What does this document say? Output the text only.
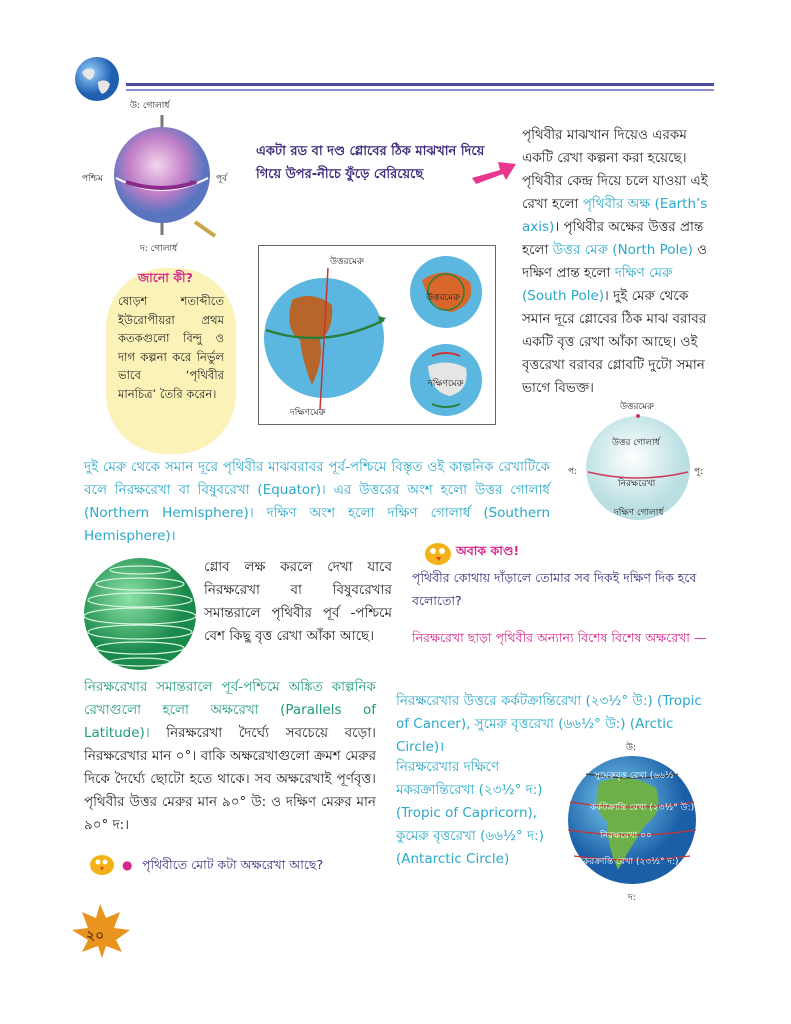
উ: গোলার্ধ
পশ্চিম	পূর্ব
দ: গোলার্ধ
একটা রড বা দণ্ড গ্লোবের ঠিক মাঝখান দিয়ে গিয়ে উপর-নীচে ফুঁড়ে বেরিয়েছে
পৃথিবীর মাঝখান দিয়েও এরকম একটি রেখা কল্পনা করা হয়েছে। পৃথিবীর কেন্দ্র দিয়ে চলে যাওয়া এই রেখা হলো পৃথিবীর অক্ষ (Earth’s axis)। পৃথিবীর অক্ষের উত্তর প্রান্ত হলো উত্তর মেরু (North Pole) ও দক্ষিণ প্রান্ত হলো দক্ষিণ মেরু (South Pole)। দুই মেরু থেকে সমান দূরে গ্লোবের ঠিক মাঝ বরাবর একটি বৃত্ত রেখা আঁকা আছে। ওই বৃত্তরেখা বরাবর গ্লোবটি দুটো সমান ভাগে বিভক্ত।
জানো কী?
ষোড়শ শতাব্দীতে ইউরোপীয়রা প্রথম কতকগুলো বিন্দু ও দাগ কল্পনা করে নির্ভুল ভাবে ‘পৃথিবীর মানচিত্র’ তৈরি করেন।
উত্তরমেরু
দক্ষিণমেরু
উত্তরমেরু
দক্ষিণমেরু
উত্তরমেরু
উত্তর গোলার্ধ
নিরক্ষরেখা
দক্ষিণ গোলার্ধ
প:	পূ:
দুই মেরু থেকে সমান দূরে পৃথিবীর মাঝবরাবর পূর্ব-পশ্চিমে বিস্তৃত ওই কাল্পনিক রেখাটিকে বলে নিরক্ষরেখা বা বিষুবরেখা (Equator)। এর উত্তরের অংশ হলো উত্তর গোলার্ধ (Northern Hemisphere)। দক্ষিণ অংশ হলো দক্ষিণ গোলার্ধ (Southern Hemisphere)।
গ্লোব লক্ষ করলে দেখা যাবে নিরক্ষরেখা বা বিষুবরেখার সমান্তরালে পৃথিবীর পূর্ব -পশ্চিমে বেশ কিছু বৃত্ত রেখা আঁকা আছে।
নিরক্ষরেখার সমান্তরালে পূর্ব-পশ্চিমে অঙ্কিত কাল্পনিক রেখাগুলো হলো অক্ষরেখা (Parallels of Latitude)। নিরক্ষরেখা দৈর্ঘ্যে সবচেয়ে বড়ো। নিরক্ষরেখার মান ০°। বাকি অক্ষরেখাগুলো ক্রমশ মেরুর দিকে দৈর্ঘ্যে ছোটো হতে থাকে। সব অক্ষরেখাই পূর্ণবৃত্ত। পৃথিবীর উত্তর মেরুর মান ৯০° উ: ও দক্ষিণ মেরুর মান ৯০° দ:।
● পৃথিবীতে মোট কটা অক্ষরেখা আছে?
অবাক কাণ্ড!
পৃথিবীর কোথায় দাঁড়ালে তোমার সব দিকই দক্ষিণ দিক হবে বলোতো?
নিরক্ষরেখা ছাড়া পৃথিবীর অন্যান্য বিশেষ বিশেষ অক্ষরেখা —
নিরক্ষরেখার উত্তরে কর্কটক্রান্তিরেখা (২৩½° উ:) (Tropic of Cancer), সুমেরু বৃত্তরেখা (৬৬½° উ:) (Arctic Circle)।
নিরক্ষরেখার দক্ষিণে মকরক্রান্তিরেখা (২৩½° দ:) (Tropic of Capricorn), কুমেরু বৃত্তরেখা (৬৬½° দ:) (Antarctic Circle)
উ:
সুমেরুবৃত্ত রেখা (৬৬½° উ:)
কর্কটক্রান্তি রেখা (২৩½° উ:)
নিরক্ষরেখা ০০
মকরক্রান্তি রেখা (২৩½° দ:)
দ:
২০
